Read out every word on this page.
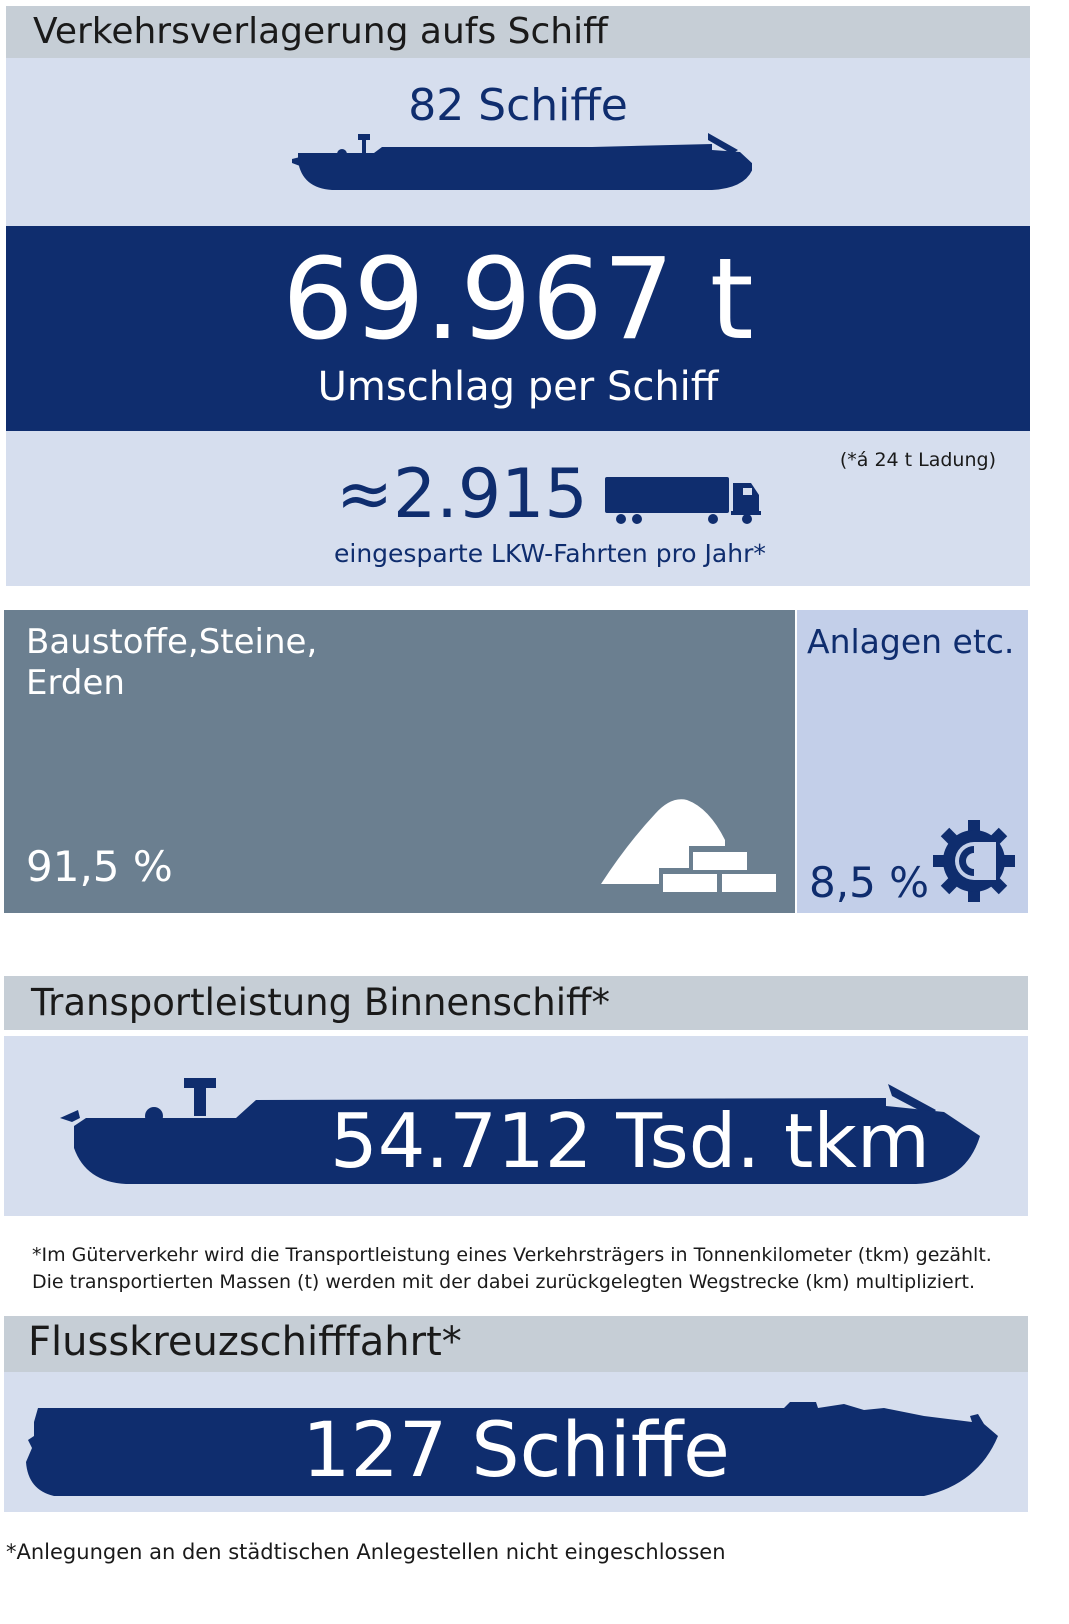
Verkehrsverlagerung aufs Schiff
82 Schiffe
69.967 t
Umschlag per Schiff
(*á 24 t Ladung)
≈2.915
eingesparte LKW-Fahrten pro Jahr*
Baustoffe,Steine, Erden
91,5 %
Anlagen etc.
8,5 %
Transportleistung Binnenschiff*
54.712 Tsd. tkm
*Im Güterverkehr wird die Transportleistung eines Verkehrsträgers in Tonnenkilometer (tkm) gezählt.
Die transportierten Massen (t) werden mit der dabei zurückgelegten Wegstrecke (km) multipliziert.
Flusskreuzschifffahrt*
127 Schiffe
*Anlegungen an den städtischen Anlegestellen nicht eingeschlossen
